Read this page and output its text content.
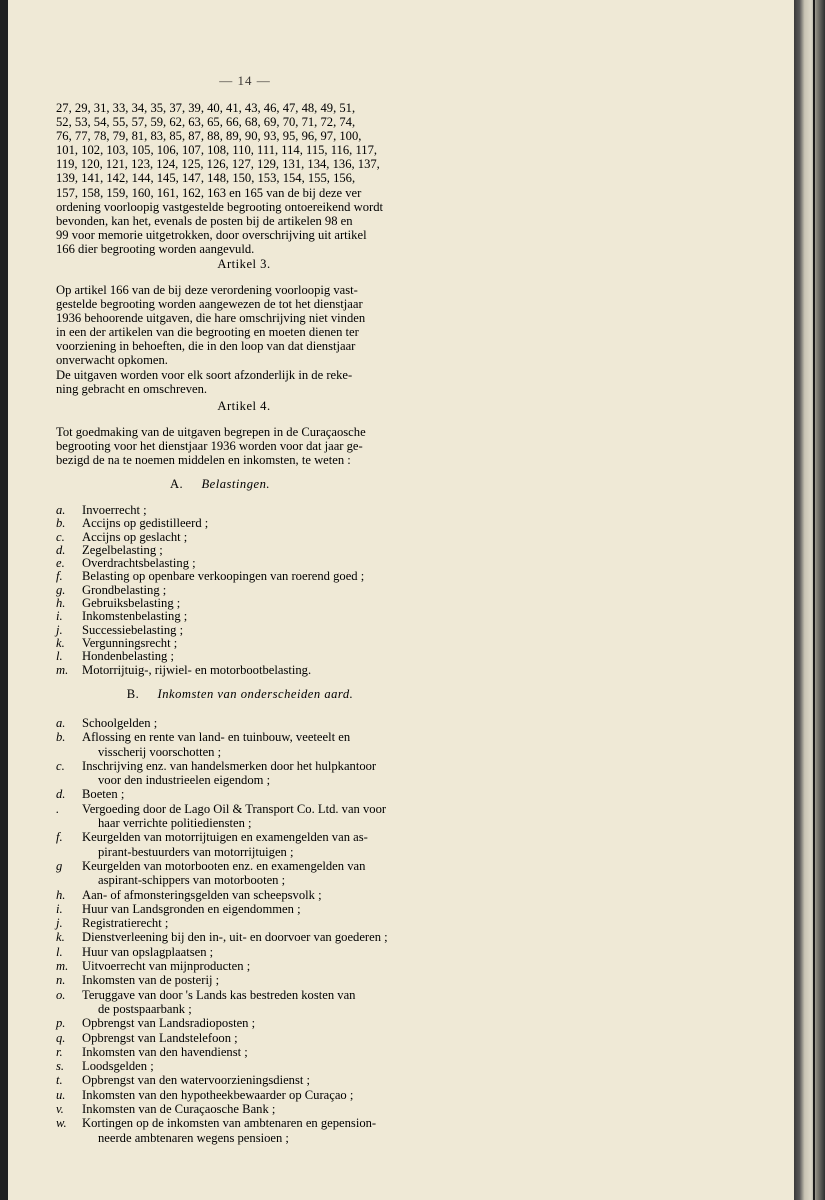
— 14 —
27, 29, 31, 33, 34, 35, 37, 39, 40, 41, 43, 46, 47, 48, 49, 51,
52, 53, 54, 55, 57, 59, 62, 63, 65, 66, 68, 69, 70, 71, 72, 74,
76, 77, 78, 79, 81, 83, 85, 87, 88, 89, 90, 93, 95, 96, 97, 100,
101, 102, 103, 105, 106, 107, 108, 110, 111, 114, 115, 116, 117,
119, 120, 121, 123, 124, 125, 126, 127, 129, 131, 134, 136, 137,
139, 141, 142, 144, 145, 147, 148, 150, 153, 154, 155, 156,
157, 158, 159, 160, 161, 162, 163 en 165 van de bij deze ver
ordening voorloopig vastgestelde begrooting ontoereikend wordt
bevonden, kan het, evenals de posten bij de artikelen 98 en
99 voor memorie uitgetrokken, door overschrijving uit artikel
166 dier begrooting worden aangevuld.
Artikel 3.
Op artikel 166 van de bij deze verordening voorloopig vast-
gestelde begrooting worden aangewezen de tot het dienstjaar
1936 behoorende uitgaven, die hare omschrijving niet vinden
in een der artikelen van die begrooting en moeten dienen ter
voorziening in behoeften, die in den loop van dat dienstjaar
onverwacht opkomen.
De uitgaven worden voor elk soort afzonderlijk in de reke-
ning gebracht en omschreven.
Artikel 4.
Tot goedmaking van de uitgaven begrepen in de Curaçaosche
begrooting voor het dienstjaar 1936 worden voor dat jaar ge-
bezigd de na te noemen middelen en inkomsten, te weten :
A. Belastingen.
a. Invoerrecht ;
b. Accijns op gedistilleerd ;
c. Accijns op geslacht ;
d. Zegelbelasting ;
e. Overdrachtsbelasting ;
f. Belasting op openbare verkoopingen van roerend goed ;
g. Grondbelasting ;
h. Gebruiksbelasting ;
i. Inkomstenbelasting ;
j. Successiebelasting ;
k. Vergunningsrecht ;
l. Hondenbelasting ;
m. Motorrijtuig-, rijwiel- en motorbootbelasting.
B. Inkomsten van onderscheiden aard.
a. Schoolgelden ;
b. Aflossing en rente van land- en tuinbouw, veeteelt en
visscherij voorschotten ;
c. Inschrijving enz. van handelsmerken door het hulpkantoor
voor den industrieelen eigendom ;
d. Boeten ;
. Vergoeding door de Lago Oil & Transport Co. Ltd. van voor
haar verrichte politiediensten ;
f. Keurgelden van motorrijtuigen en examengelden van as-
pirant-bestuurders van motorrijtuigen ;
g Keurgelden van motorbooten enz. en examengelden van
aspirant-schippers van motorbooten ;
h. Aan- of afmonsteringsgelden van scheepsvolk ;
i. Huur van Landsgronden en eigendommen ;
j. Registratierecht ;
k. Dienstverleening bij den in-, uit- en doorvoer van goederen ;
l. Huur van opslagplaatsen ;
m. Uitvoerrecht van mijnproducten ;
n. Inkomsten van de posterij ;
o. Teruggave van door 's Lands kas bestreden kosten van
de postspaarbank ;
p. Opbrengst van Landsradioposten ;
q. Opbrengst van Landstelefoon ;
r. Inkomsten van den havendienst ;
s. Loodsgelden ;
t. Opbrengst van den watervoorzieningsdienst ;
u. Inkomsten van den hypotheekbewaarder op Curaçao ;
v. Inkomsten van de Curaçaosche Bank ;
w. Kortingen op de inkomsten van ambtenaren en gepension-
neerde ambtenaren wegens pensioen ;
